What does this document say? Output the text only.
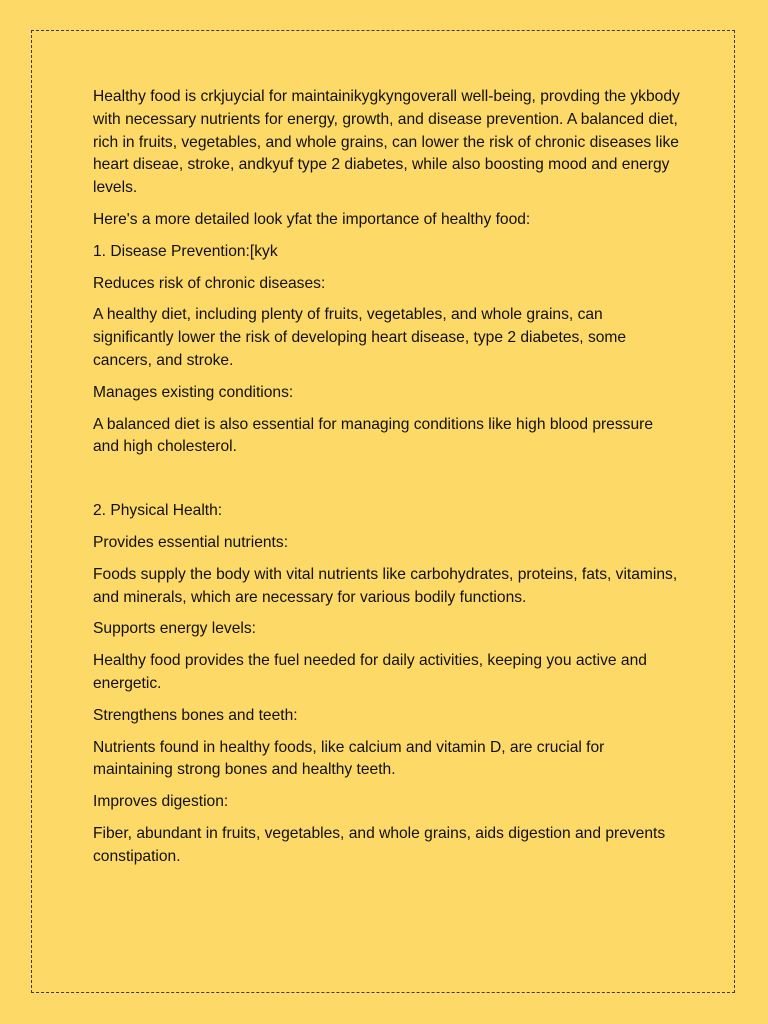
Healthy food is crkjuycial for maintainikygkyngoverall well-being, provding the ykbody with necessary nutrients for energy, growth, and disease prevention. A balanced diet, rich in fruits, vegetables, and whole grains, can lower the risk of chronic diseases like heart diseae, stroke, andkyuf type 2 diabetes, while also boosting mood and energy levels.

Here's a more detailed look yfat the importance of healthy food:

1. Disease Prevention:[kyk

Reduces risk of chronic diseases:

A healthy diet, including plenty of fruits, vegetables, and whole grains, can significantly lower the risk of developing heart disease, type 2 diabetes, some cancers, and stroke.

Manages existing conditions:

A balanced diet is also essential for managing conditions like high blood pressure and high cholesterol.

2. Physical Health:

Provides essential nutrients:

Foods supply the body with vital nutrients like carbohydrates, proteins, fats, vitamins, and minerals, which are necessary for various bodily functions.

Supports energy levels:

Healthy food provides the fuel needed for daily activities, keeping you active and energetic.

Strengthens bones and teeth:

Nutrients found in healthy foods, like calcium and vitamin D, are crucial for maintaining strong bones and healthy teeth.

Improves digestion:

Fiber, abundant in fruits, vegetables, and whole grains, aids digestion and prevents constipation.
